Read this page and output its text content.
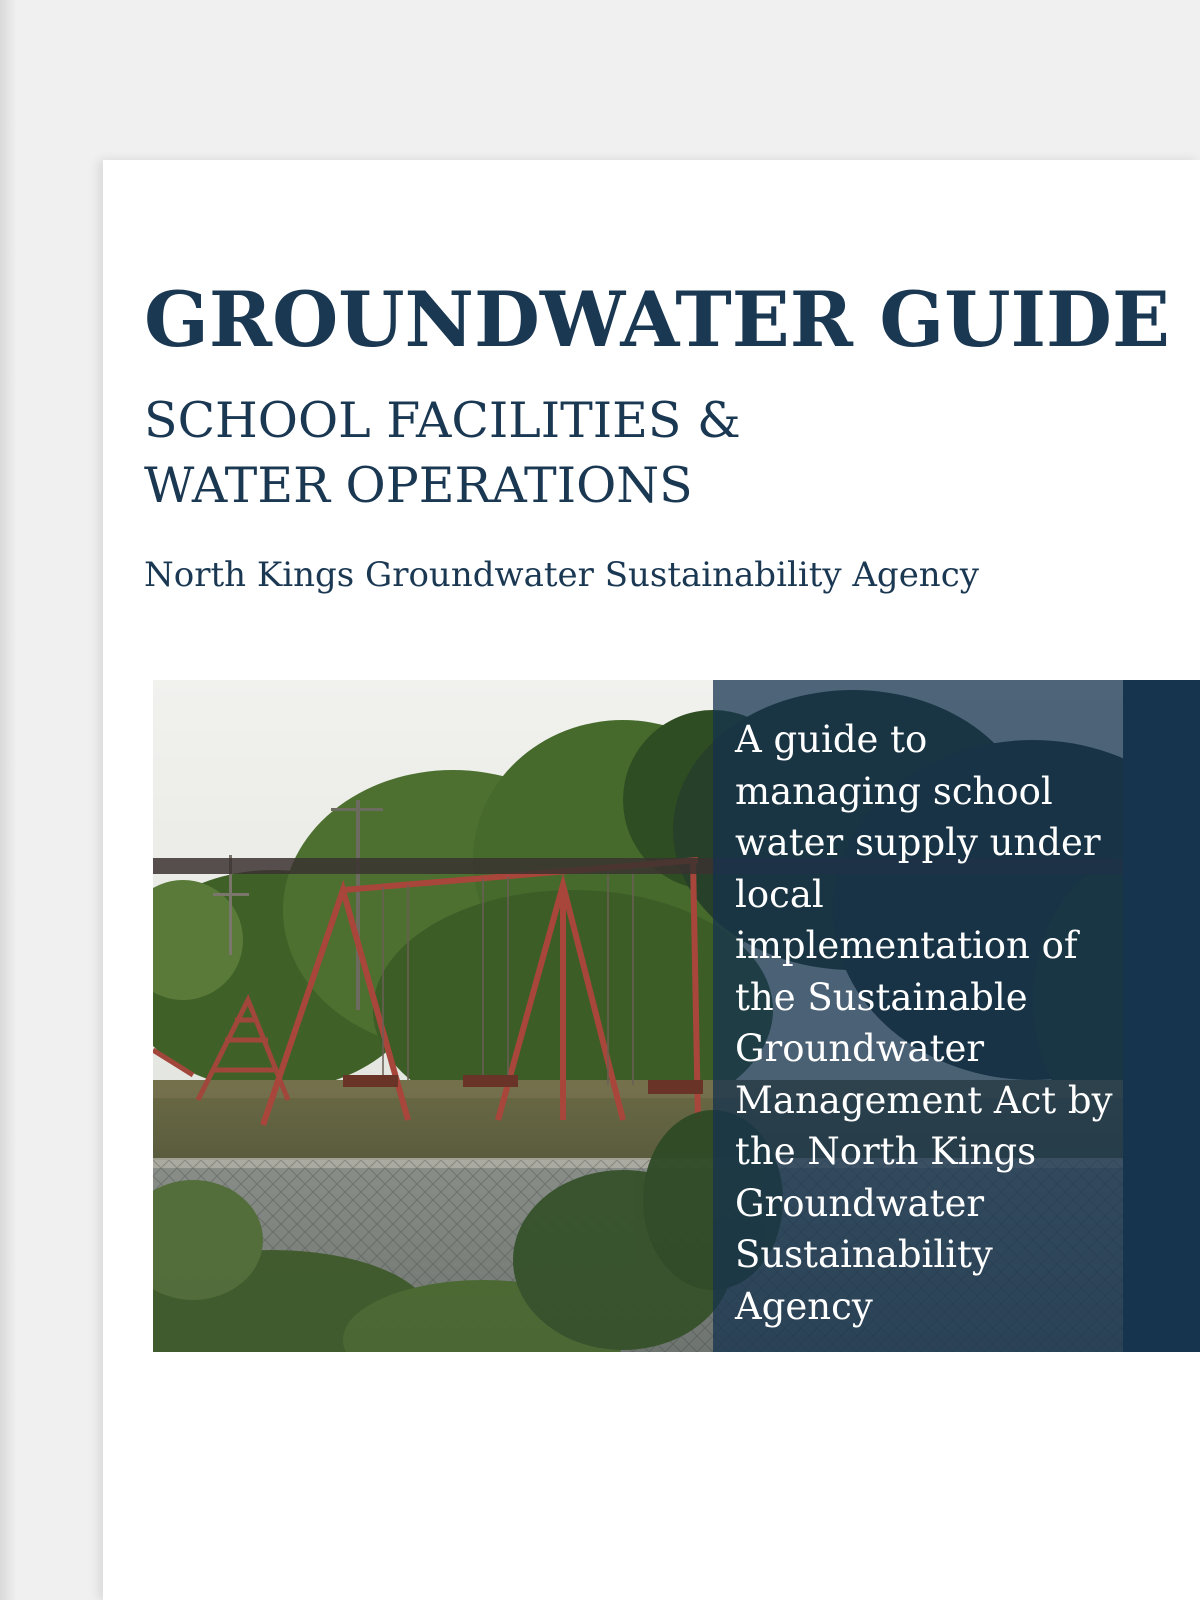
GROUNDWATER GUIDE
SCHOOL FACILITIES &
WATER OPERATIONS
North Kings Groundwater Sustainability Agency

A guide to managing school water supply under local implementation of the Sustainable Groundwater Management Act by the North Kings Groundwater Sustainability Agency
